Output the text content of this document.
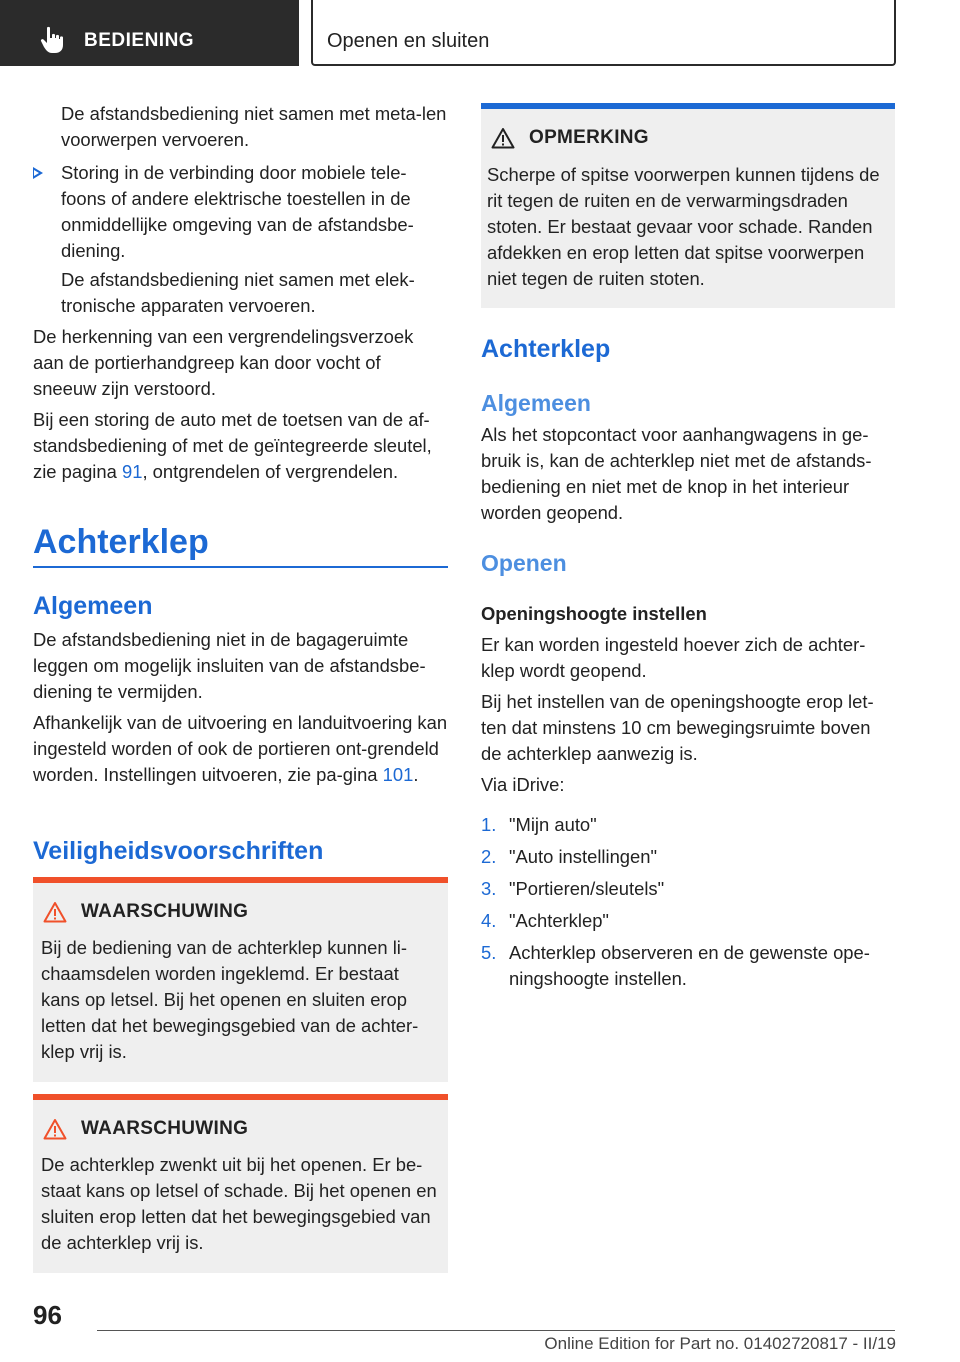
BEDIENING	Openen en sluiten

De afstandsbediening niet samen met meta-len voorwerpen vervoeren.

Storing in de verbinding door mobiele tele-foons of andere elektrische toestellen in de onmiddellijke omgeving van de afstandsbe-diening.

De afstandsbediening niet samen met elek-tronische apparaten vervoeren.

De herkenning van een vergrendelingsverzoek aan de portierhandgreep kan door vocht of sneeuw zijn verstoord.

Bij een storing de auto met de toetsen van de af-standsbediening of met de geïntegreerde sleutel, zie pagina 91, ontgrendelen of vergrendelen.

Achterklep
Algemeen

De afstandsbediening niet in de bagageruimte leggen om mogelijk insluiten van de afstandsbe-diening te vermijden.

Afhankelijk van de uitvoering en landuitvoering kan ingesteld worden of ook de portieren ont-grendeld worden. Instellingen uitvoeren, zie pa-gina 101.

Veiligheidsvoorschriften
WAARSCHUWING
Bij de bediening van de achterklep kunnen li-chaamsdelen worden ingeklemd. Er bestaat kans op letsel. Bij het openen en sluiten erop letten dat het bewegingsgebied van de achter-klep vrij is.
WAARSCHUWING
De achterklep zwenkt uit bij het openen. Er be-staat kans op letsel of schade. Bij het openen en sluiten erop letten dat het bewegingsgebied van de achterklep vrij is.
OPMERKING
Scherpe of spitse voorwerpen kunnen tijdens de rit tegen de ruiten en de verwarmingsdraden stoten. Er bestaat gevaar voor schade. Randen afdekken en erop letten dat spitse voorwerpen niet tegen de ruiten stoten.
Achterklep
Algemeen

Als het stopcontact voor aanhangwagens in ge-bruik is, kan de achterklep niet met de afstands-bediening en niet met de knop in het interieur worden geopend.

Openen
Openingshoogte instellen

Er kan worden ingesteld hoever zich de achter-klep wordt geopend.

Bij het instellen van de openingshoogte erop let-ten dat minstens 10 cm bewegingsruimte boven de achterklep aanwezig is.

Via iDrive:

1. "Mijn auto"
2. "Auto instellingen"
3. "Portieren/sleutels"
4. "Achterklep"
5. Achterklep observeren en de gewenste ope-ningshoogte instellen.
96
Online Edition for Part no. 01402720817 - II/19
